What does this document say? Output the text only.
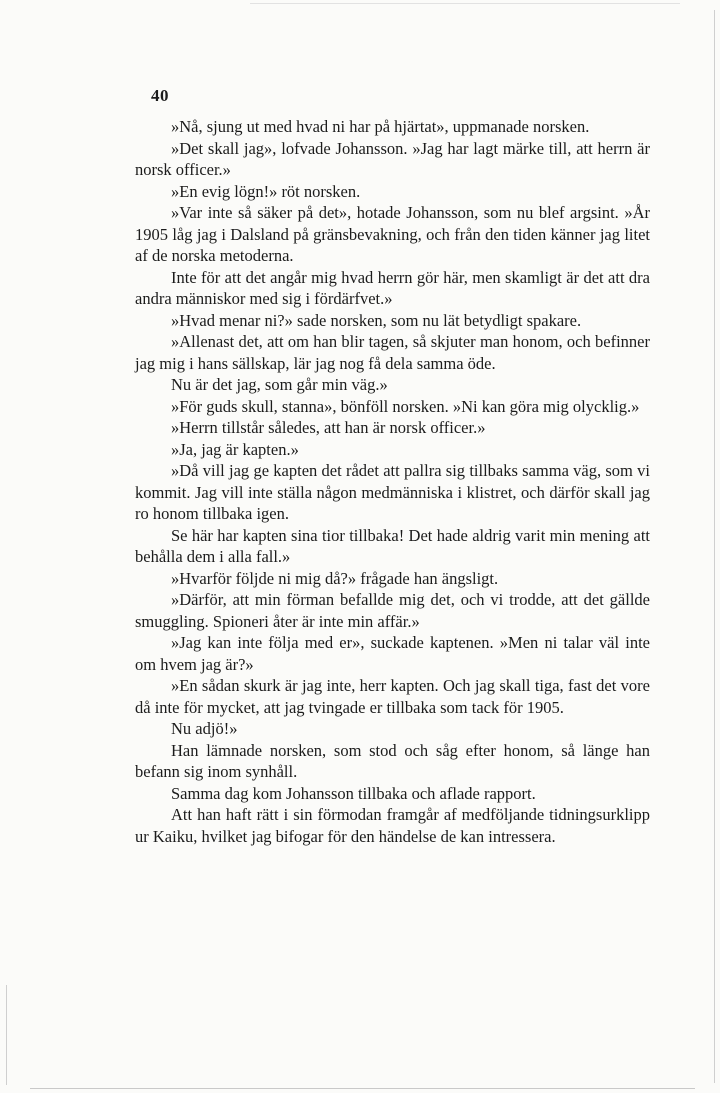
40

»Nå, sjung ut med hvad ni har på hjärtat», uppmanade norsken.

»Det skall jag», lofvade Johansson. »Jag har lagt märke till, att herrn är norsk officer.»

»En evig lögn!» röt norsken.

»Var inte så säker på det», hotade Johansson, som nu blef argsint. »År 1905 låg jag i Dalsland på gränsbevakning, och från den tiden känner jag litet af de norska metoderna.

Inte för att det angår mig hvad herrn gör här, men skamligt är det att dra andra människor med sig i fördärfvet.»

»Hvad menar ni?» sade norsken, som nu lät betydligt spakare.

»Allenast det, att om han blir tagen, så skjuter man honom, och befinner jag mig i hans sällskap, lär jag nog få dela samma öde.

Nu är det jag, som går min väg.»

»För guds skull, stanna», bönföll norsken. »Ni kan göra mig olycklig.»

»Herrn tillstår således, att han är norsk officer.»

»Ja, jag är kapten.»

»Då vill jag ge kapten det rådet att pallra sig tillbaks samma väg, som vi kommit. Jag vill inte ställa någon medmänniska i klistret, och därför skall jag ro honom tillbaka igen.

Se här har kapten sina tior tillbaka! Det hade aldrig varit min mening att behålla dem i alla fall.»

»Hvarför följde ni mig då?» frågade han ängsligt.

»Därför, att min förman befallde mig det, och vi trodde, att det gällde smuggling. Spioneri åter är inte min affär.»

»Jag kan inte följa med er», suckade kaptenen. »Men ni talar väl inte om hvem jag är?»

»En sådan skurk är jag inte, herr kapten. Och jag skall tiga, fast det vore då inte för mycket, att jag tvingade er tillbaka som tack för 1905.

Nu adjö!»

Han lämnade norsken, som stod och såg efter honom, så länge han befann sig inom synhåll.

Samma dag kom Johansson tillbaka och aflade rapport.

Att han haft rätt i sin förmodan framgår af medföljande tidningsurklipp ur Kaiku, hvilket jag bifogar för den händelse de kan intressera.
